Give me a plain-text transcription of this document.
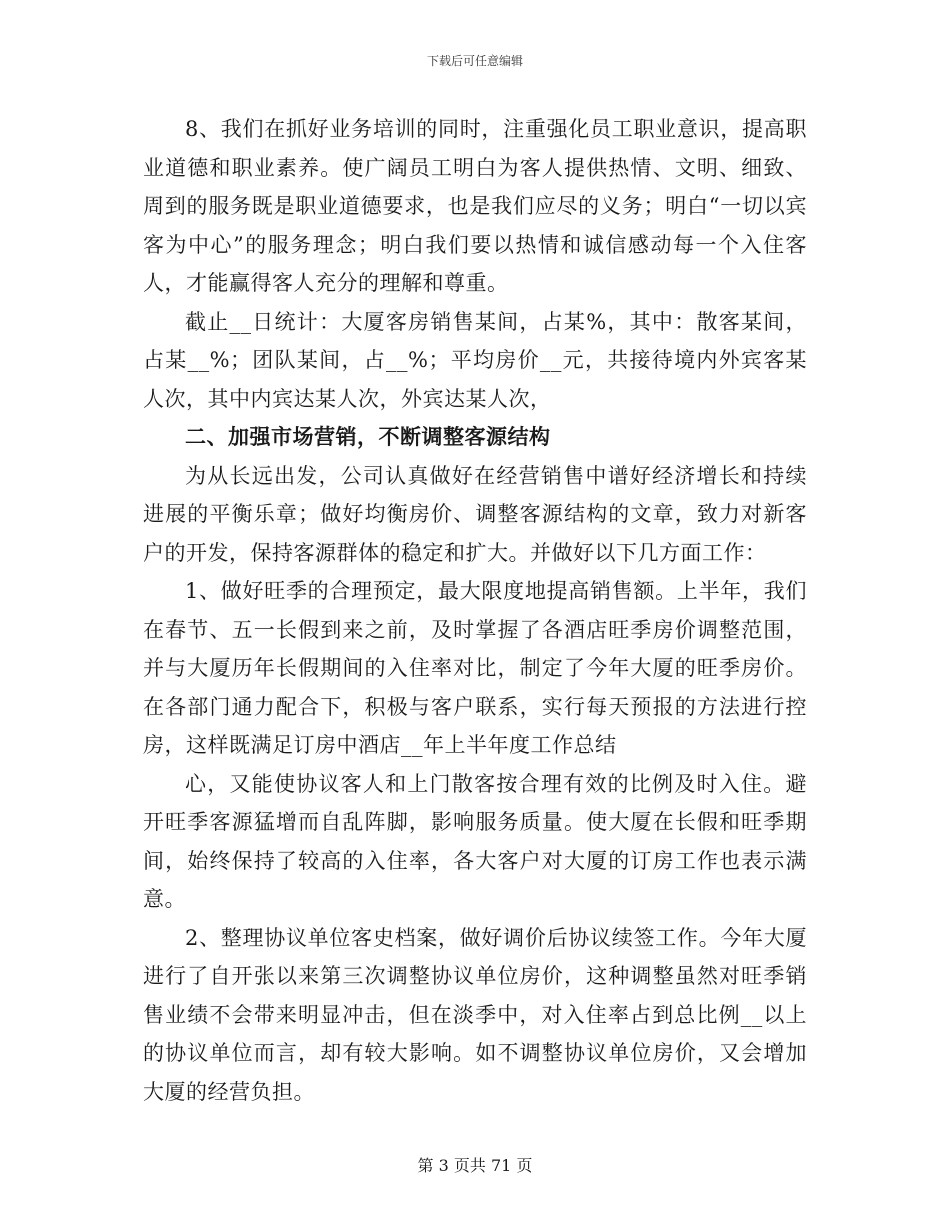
下载后可任意编辑

8、我们在抓好业务培训的同时，注重强化员工职业意识，提高职业道德和职业素养。使广阔员工明白为客人提供热情、文明、细致、周到的服务既是职业道德要求，也是我们应尽的义务；明白“一切以宾客为中心”的服务理念；明白我们要以热情和诚信感动每一个入住客人，才能赢得客人充分的理解和尊重。

截止__日统计：大厦客房销售某间，占某%，其中：散客某间，占某__%；团队某间，占__%；平均房价__元，共接待境内外宾客某人次，其中内宾达某人次，外宾达某人次，

二、加强市场营销，不断调整客源结构

为从长远出发，公司认真做好在经营销售中谱好经济增长和持续进展的平衡乐章；做好均衡房价、调整客源结构的文章，致力对新客户的开发，保持客源群体的稳定和扩大。并做好以下几方面工作：

1、做好旺季的合理预定，最大限度地提高销售额。上半年，我们在春节、五一长假到来之前，及时掌握了各酒店旺季房价调整范围，并与大厦历年长假期间的入住率对比，制定了今年大厦的旺季房价。在各部门通力配合下，积极与客户联系，实行每天预报的方法进行控房，这样既满足订房中酒店__年上半年度工作总结

心，又能使协议客人和上门散客按合理有效的比例及时入住。避开旺季客源猛增而自乱阵脚，影响服务质量。使大厦在长假和旺季期间，始终保持了较高的入住率，各大客户对大厦的订房工作也表示满意。

2、整理协议单位客史档案，做好调价后协议续签工作。今年大厦进行了自开张以来第三次调整协议单位房价，这种调整虽然对旺季销售业绩不会带来明显冲击，但在淡季中，对入住率占到总比例__以上的协议单位而言，却有较大影响。如不调整协议单位房价，又会增加大厦的经营负担。

第 3 页共 71 页
